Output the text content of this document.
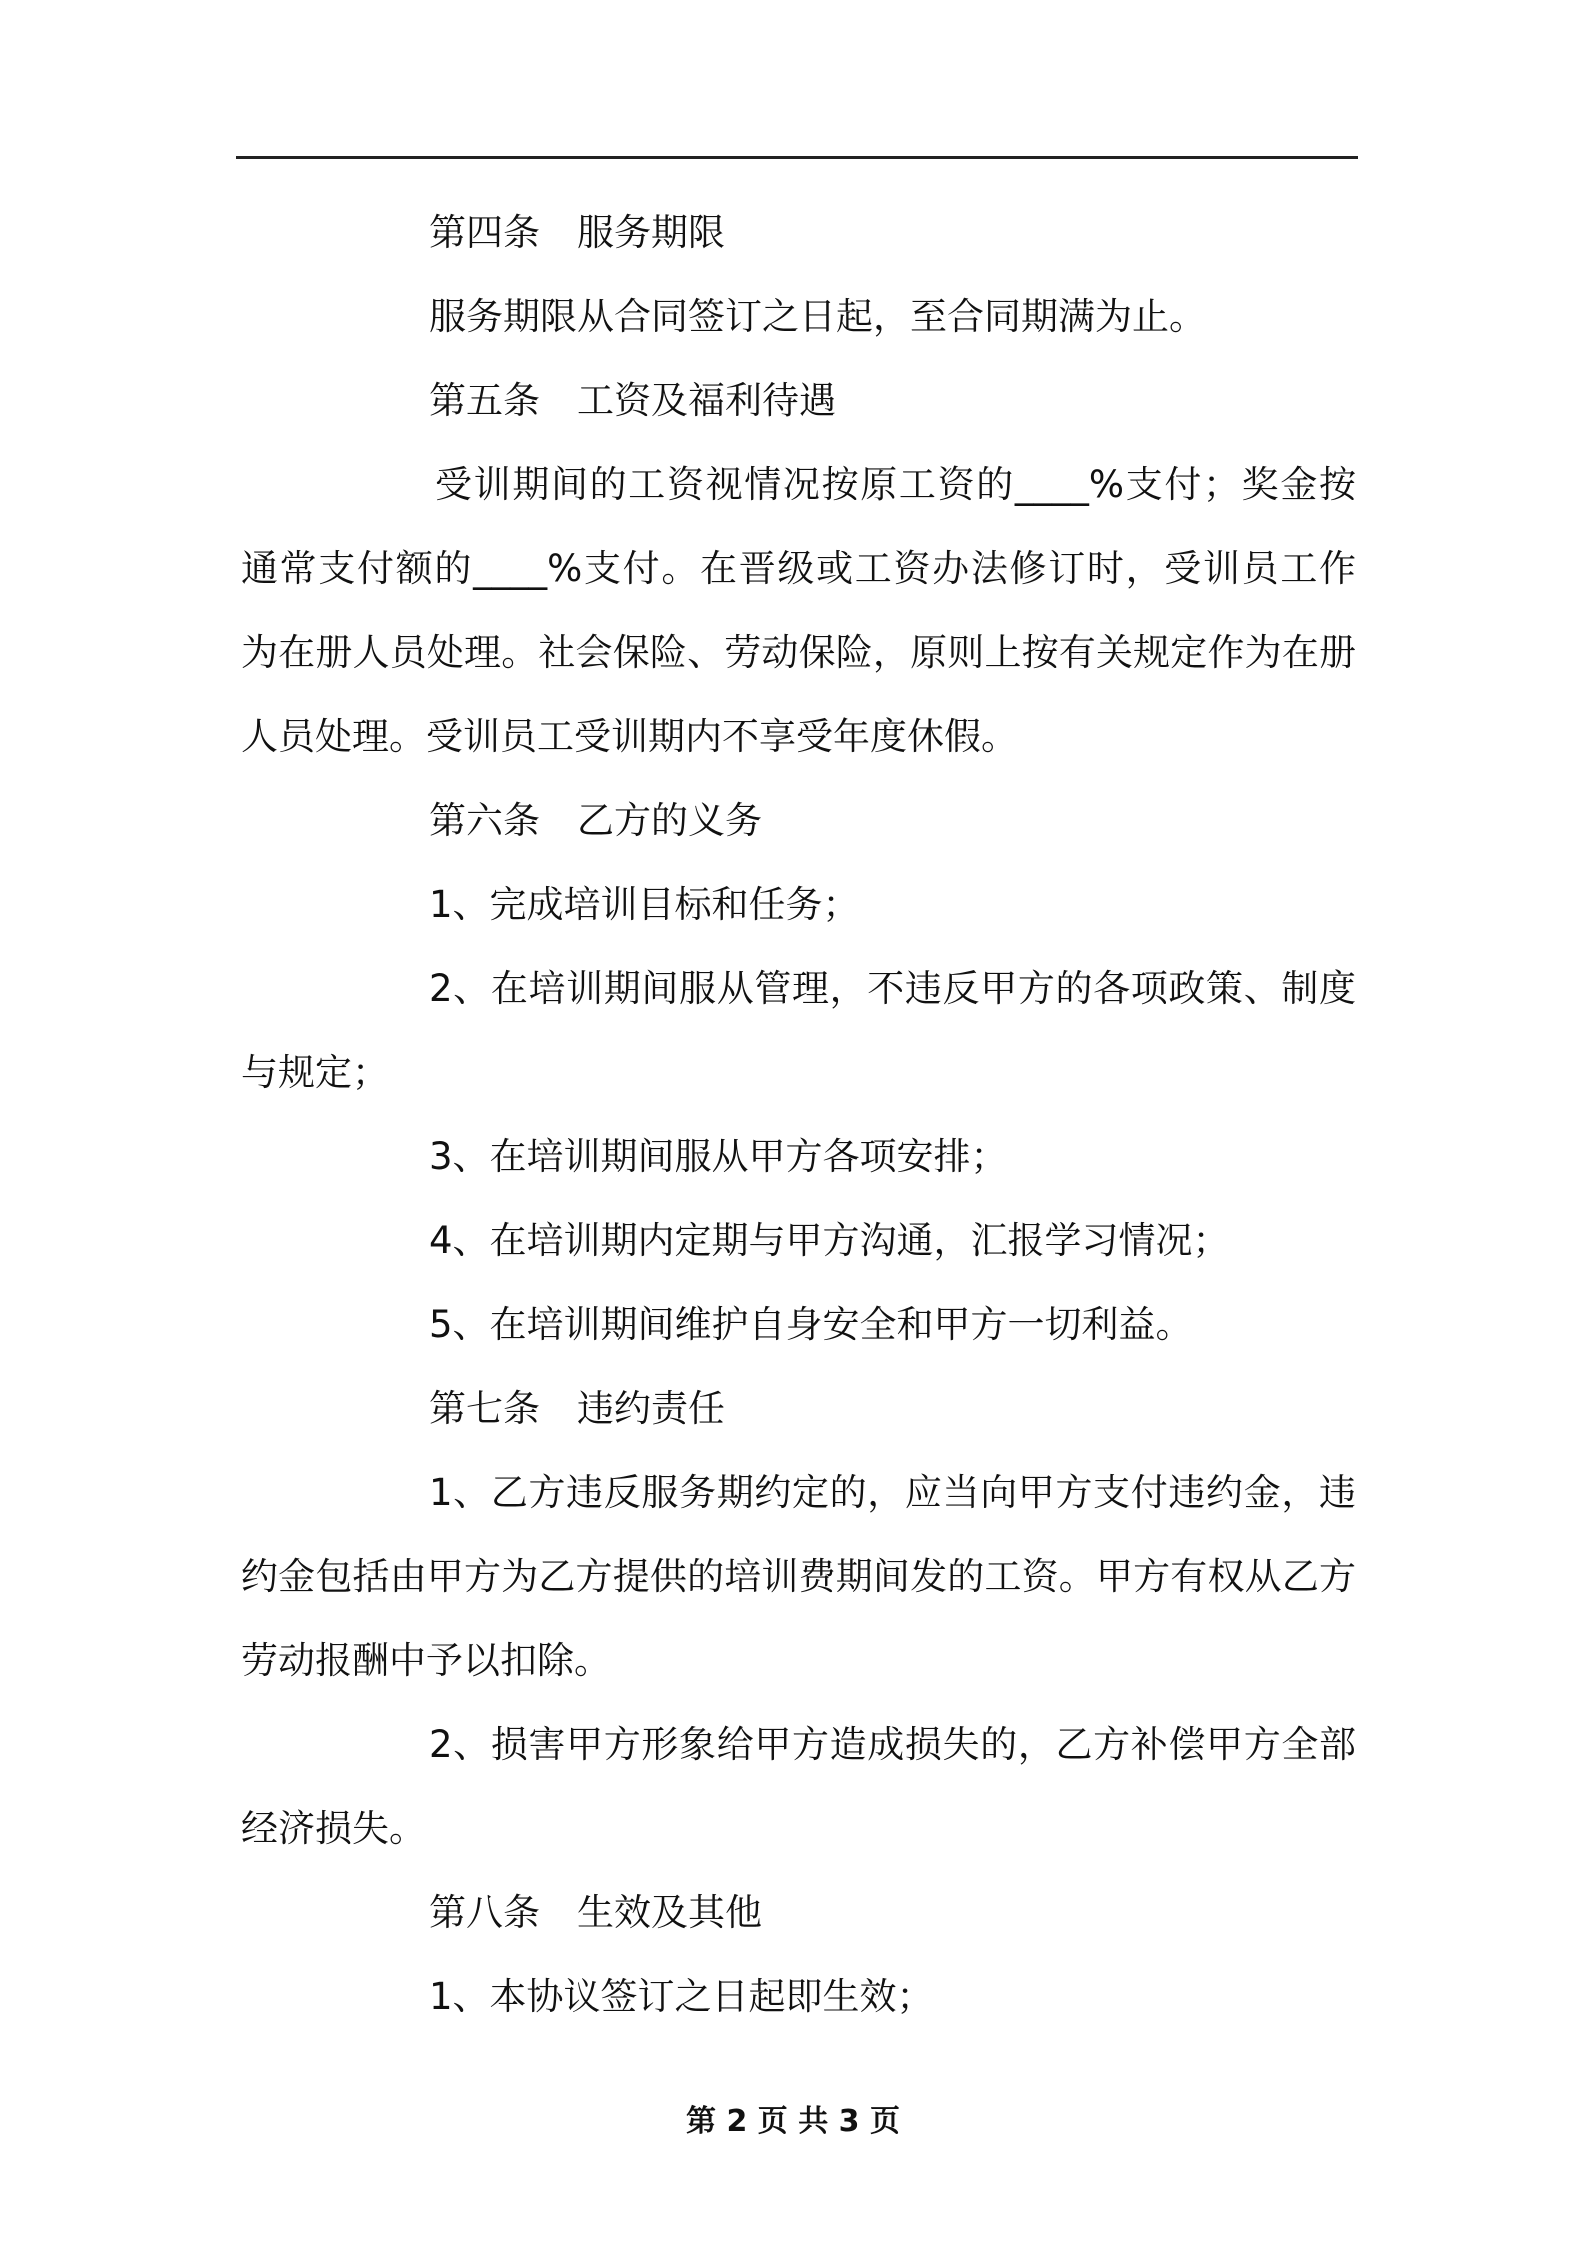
第四条　服务期限
服务期限从合同签订之日起，至合同期满为止。
第五条　工资及福利待遇
受训期间的工资视情况按原工资的____%支付；奖金按
通常支付额的____%支付。在晋级或工资办法修订时，受训员工作
为在册人员处理。社会保险、劳动保险，原则上按有关规定作为在册
人员处理。受训员工受训期内不享受年度休假。
第六条　乙方的义务
1、完成培训目标和任务；
2、在培训期间服从管理，不违反甲方的各项政策、制度
与规定；
3、在培训期间服从甲方各项安排；
4、在培训期内定期与甲方沟通，汇报学习情况；
5、在培训期间维护自身安全和甲方一切利益。
第七条　违约责任
1、乙方违反服务期约定的，应当向甲方支付违约金，违
约金包括由甲方为乙方提供的培训费期间发的工资。甲方有权从乙方
劳动报酬中予以扣除。
2、损害甲方形象给甲方造成损失的，乙方补偿甲方全部
经济损失。
第八条　生效及其他
1、本协议签订之日起即生效；
第 2 页 共 3 页
